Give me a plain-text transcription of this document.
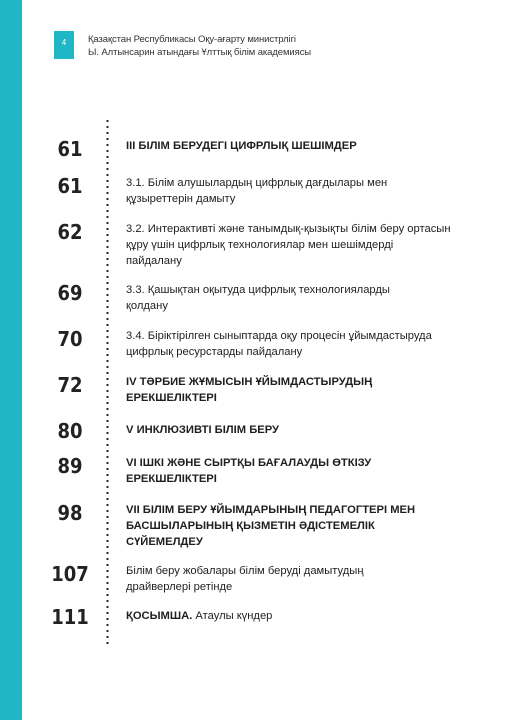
4	Қазақстан Республикасы Оқу-ағарту министрлігі
Ы. Алтынсарин атындағы Ұлттық білім академиясы
61	III БІЛІМ БЕРУДЕГІ ЦИФРЛЫҚ ШЕШІМДЕР
61	3.1. Білім алушылардың цифрлық дағдылары мен құзыреттерін дамыту
62	3.2. Интерактивті және танымдық-қызықты білім беру ортасын құру үшін цифрлық технологиялар мен шешімдерді пайдалану
69	3.3. Қашықтан оқытуда цифрлық технологияларды қолдану
70	3.4. Біріктірілген сыныптарда оқу процесін ұйымдастыруда цифрлық ресурстарды пайдалану
72	IV ТӘРБИЕ ЖҰМЫСЫН ҰЙЫМДАСТЫРУДЫҢ ЕРЕКШЕЛІКТЕРІ
80	V ИНКЛЮЗИВТІ БІЛІМ БЕРУ
89	VI ІШКІ ЖӘНЕ СЫРТҚЫ БАҒАЛАУДЫ ӨТКІЗУ ЕРЕКШЕЛІКТЕРІ
98	VII БІЛІМ БЕРУ ҰЙЫМДАРЫНЫҢ ПЕДАГОГТЕРІ МЕН БАСШЫЛАРЫНЫҢ ҚЫЗМЕТІН ӘДІСТЕМЕЛІК СҮЙЕМЕЛДЕУ
107	Білім беру жобалары білім беруді дамытудың драйверлері ретінде
111	ҚОСЫМША. Атаулы күндер
